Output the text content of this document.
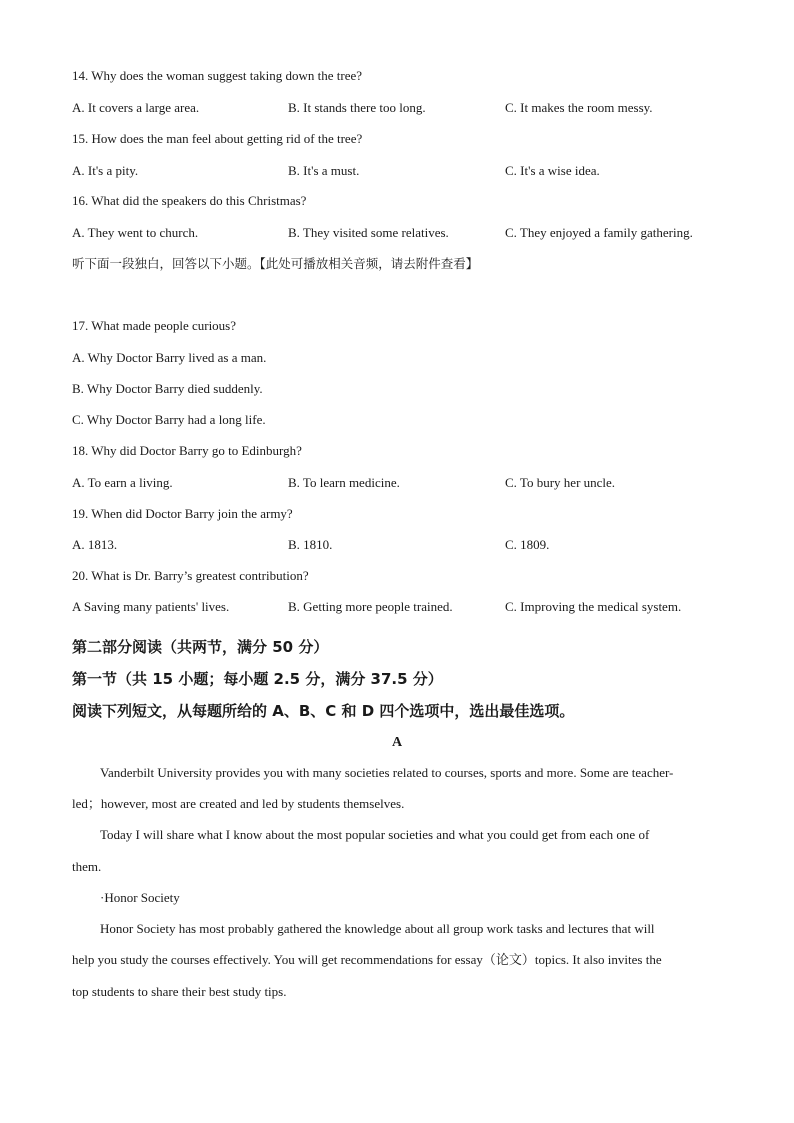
14. Why does the woman suggest taking down the tree?
A. It covers a large area.	B. It stands there too long.	C. It makes the room messy.
15. How does the man feel about getting rid of the tree?
A. It's a pity.	B. It's a must.	C. It's a wise idea.
16. What did the speakers do this Christmas?
A. They went to church.	B. They visited some relatives.	C. They enjoyed a family gathering.
听下面一段独白，回答以下小题。【此处可播放相关音频，请去附件查看】
17. What made people curious?
A. Why Doctor Barry lived as a man.
B. Why Doctor Barry died suddenly.
C. Why Doctor Barry had a long life.
18. Why did Doctor Barry go to Edinburgh?
A. To earn a living.	B. To learn medicine.	C. To bury her uncle.
19. When did Doctor Barry join the army?
A. 1813.	B. 1810.	C. 1809.
20. What is Dr. Barry’s greatest contribution?
A Saving many patients' lives.	B. Getting more people trained.	C. Improving the medical system.
第二部分阅读（共两节，满分 50 分）
第一节（共 15 小题；每小题 2.5 分，满分 37.5 分）
阅读下列短文，从每题所给的 A、B、C 和 D 四个选项中，选出最佳选项。
A
Vanderbilt University provides you with many societies related to courses, sports and more. Some are teacher-
led；however, most are created and led by students themselves.
Today I will share what I know about the most popular societies and what you could get from each one of
them.
·Honor Society
Honor Society has most probably gathered the knowledge about all group work tasks and lectures that will
help you study the courses effectively. You will get recommendations for essay（论文）topics. It also invites the
top students to share their best study tips.
